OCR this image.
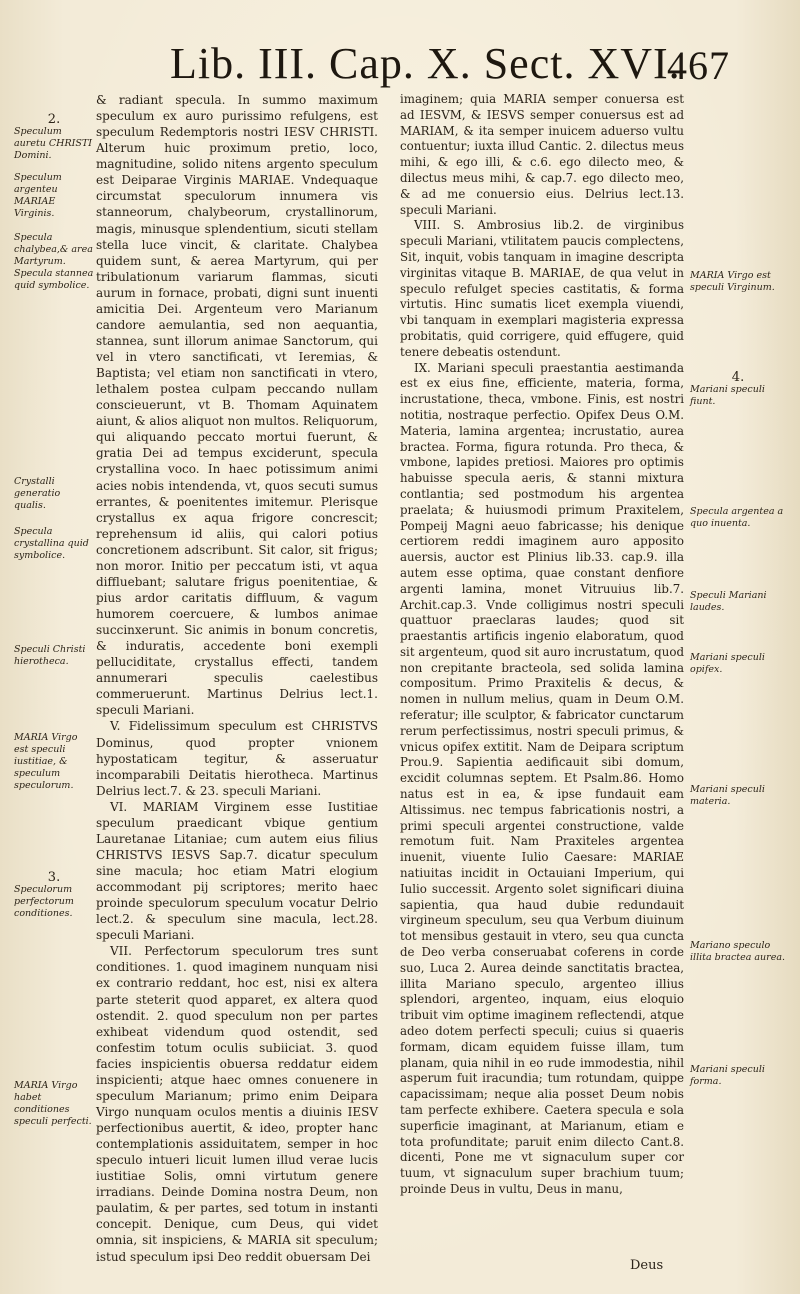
Lib. III. Cap. X. Sect. XVI.
467
2.
Speculum auretu CHRISTI Domini.
Speculum argenteu MARIAE Virginis.
Specula chalybea,& area Martyrum. Specula stannea quid symbolice.
Crystalli generatio qualis.
Specula crystallina quid symbolice.
Speculi Christi hierotheca.
MARIA Virgo est speculi iustitiae, & speculum speculorum.
3.
Speculorum perfectorum conditiones.
MARIA Virgo habet conditiones speculi perfecti.

& radiant specula. In summo maximum speculum ex auro purissimo refulgens, est speculum Redemptoris nostri IESV CHRISTI. Alterum huic proximum pretio, loco, magnitudine, solido nitens argento speculum est Deiparae Virginis MARIAE. Vndequaque circumstat speculorum innumera vis stanneorum, chalybeorum, crystallinorum, magis, minusque splendentium, sicuti stellam stella luce vincit, & claritate. Chalybea quidem sunt, & aerea Martyrum, qui per tribulationum variarum flammas, sicuti aurum in fornace, probati, digni sunt inuenti amicitia Dei. Argenteum vero Marianum candore aemulantia, sed non aequantia, stannea, sunt illorum animae Sanctorum, qui vel in vtero sanctificati, vt Ieremias, & Baptista; vel etiam non sanctificati in vtero, lethalem postea culpam peccando nullam conscieuerunt, vt B. Thomam Aquinatem aiunt, & alios aliquot non multos. Reliquorum, qui aliquando peccato mortui fuerunt, & gratia Dei ad tempus exciderunt, specula crystallina voco. In haec potissimum animi acies nobis intendenda, vt, quos secuti sumus errantes, & poenitentes imitemur. Plerisque crystallus ex aqua frigore concrescit; reprehensum id aliis, qui calori potius concretionem adscribunt. Sit calor, sit frigus; non moror. Initio per peccatum isti, vt aqua diffluebant; salutare frigus poenitentiae, & pius ardor caritatis diffluum, & vagum humorem coercuere, & lumbos animae succinxerunt. Sic animis in bonum concretis, & induratis, accedente boni exempli pelluciditate, crystallus effecti, tandem annumerari speculis caelestibus commeruerunt. Martinus Delrius lect.1. speculi Mariani.

V. Fidelissimum speculum est CHRISTVS Dominus, quod propter vnionem hypostaticam tegitur, & asseruatur incomparabili Deitatis hierotheca. Martinus Delrius lect.7. & 23. speculi Mariani.

VI. MARIAM Virginem esse Iustitiae speculum praedicant vbique gentium Lauretanae Litaniae; cum autem eius filius CHRISTVS IESVS Sap.7. dicatur speculum sine macula; hoc etiam Matri elogium accommodant pij scriptores; merito haec proinde speculorum speculum vocatur Delrio lect.2. & speculum sine macula, lect.28. speculi Mariani.

VII. Perfectorum speculorum tres sunt conditiones. 1. quod imaginem nunquam nisi ex contrario reddant, hoc est, nisi ex altera parte steterit quod apparet, ex altera quod ostendit. 2. quod speculum non per partes exhibeat videndum quod ostendit, sed confestim totum oculis subiiciat. 3. quod facies inspicientis obuersa reddatur eidem inspicienti; atque haec omnes conuenere in speculum Marianum; primo enim Deipara Virgo nunquam oculos mentis a diuinis IESV perfectionibus auertit, & ideo, propter hanc contemplationis assiduitatem, semper in hoc speculo intueri licuit lumen illud verae lucis iustitiae Solis, omni virtutum genere irradians. Deinde Domina nostra Deum, non paulatim, & per partes, sed totum in instanti concepit. Denique, cum Deus, qui videt omnia, sit inspiciens, & MARIA sit speculum; istud speculum ipsi Deo reddit obuersam Dei

imaginem; quia MARIA semper conuersa est ad IESVM, & IESVS semper conuersus est ad MARIAM, & ita semper inuicem aduerso vultu contuentur; iuxta illud Cantic. 2. dilectus meus mihi, & ego illi, & c.6. ego dilecto meo, & dilectus meus mihi, & cap.7. ego dilecto meo, & ad me conuersio eius. Delrius lect.13. speculi Mariani.

VIII. S. Ambrosius lib.2. de virginibus speculi Mariani, vtilitatem paucis complectens, Sit, inquit, vobis tanquam in imagine descripta virginitas vitaque B. MARIAE, de qua velut in speculo refulget species castitatis, & forma virtutis. Hinc sumatis licet exempla viuendi, vbi tanquam in exemplari magisteria expressa probitatis, quid corrigere, quid effugere, quid tenere debeatis ostendunt.

IX. Mariani speculi praestantia aestimanda est ex eius fine, efficiente, materia, forma, incrustatione, theca, vmbone. Finis, est nostri notitia, nostraque perfectio. Opifex Deus O.M. Materia, lamina argentea; incrustatio, aurea bractea. Forma, figura rotunda. Pro theca, & vmbone, lapides pretiosi. Maiores pro optimis habuisse specula aeris, & stanni mixtura contlantia; sed postmodum his argentea praelata; & huiusmodi primum Praxitelem, Pompeij Magni aeuo fabricasse; his denique certiorem reddi imaginem auro apposito auersis, auctor est Plinius lib.33. cap.9. illa autem esse optima, quae constant denfiore argenti lamina, monet Vitruuius lib.7. Archit.cap.3. Vnde colligimus nostri speculi quattuor praeclaras laudes; quod sit praestantis artificis ingenio elaboratum, quod sit argenteum, quod sit auro incrustatum, quod non crepitante bracteola, sed solida lamina compositum. Primo Praxitelis & decus, & nomen in nullum melius, quam in Deum O.M. referatur; ille sculptor, & fabricator cunctarum rerum perfectissimus, nostri speculi primus, & vnicus opifex extitit. Nam de Deipara scriptum Prou.9. Sapientia aedificauit sibi domum, excidit columnas septem. Et Psalm.86. Homo natus est in ea, & ipse fundauit eam Altissimus. nec tempus fabricationis nostri, a primi speculi argentei constructione, valde remotum fuit. Nam Praxiteles argentea inuenit, viuente Iulio Caesare: MARIAE natiuitas incidit in Octauiani Imperium, qui Iulio successit. Argento solet significari diuina sapientia, qua haud dubie redundauit virgineum speculum, seu qua Verbum diuinum tot mensibus gestauit in vtero, seu qua cuncta de Deo verba conseruabat coferens in corde suo, Luca 2. Aurea deinde sanctitatis bractea, illita Mariano speculo, argenteo illius splendori, argenteo, inquam, eius eloquio tribuit vim optime imaginem reflectendi, atque adeo dotem perfecti speculi; cuius si quaeris formam, dicam equidem fuisse illam, tum planam, quia nihil in eo rude immodestia, nihil asperum fuit iracundia; tum rotundam, quippe capacissimam; neque alia posset Deum nobis tam perfecte exhibere. Caetera specula e sola superficie imaginant, at Marianum, etiam e tota profunditate; paruit enim dilecto Cant.8. dicenti, Pone me vt signaculum super cor tuum, vt signaculum super brachium tuum; proinde Deus in vultu, Deus in manu,

MARIA Virgo est speculi Virginum.
4.
Mariani speculi fiunt.
Specula argentea a quo inuenta.
Speculi Mariani laudes.
Mariani speculi opifex.
Mariani speculi materia.
Mariano speculo illita bractea aurea.
Mariani speculi forma.
Deus
